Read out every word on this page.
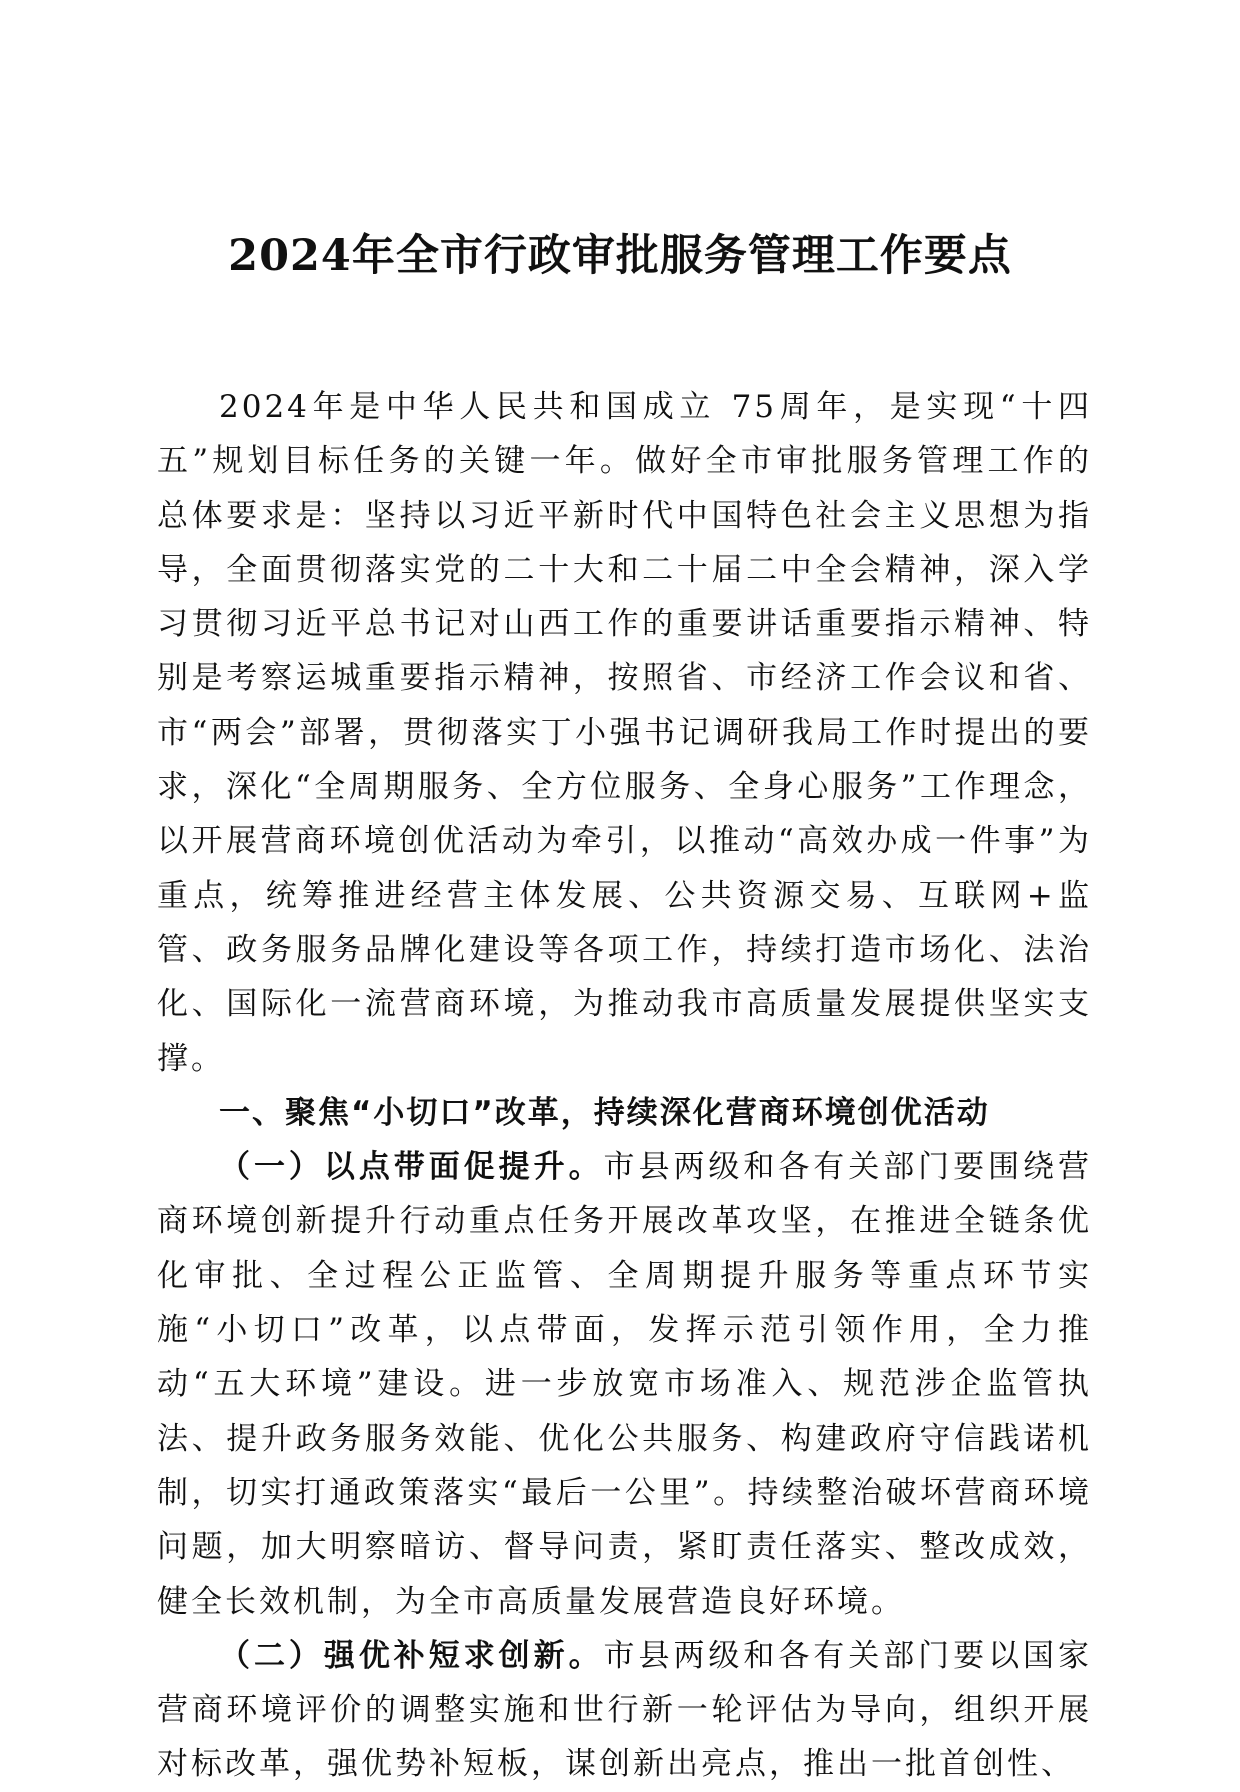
2024年全市行政审批服务管理工作要点

2024年是中华人民共和国成立 75周年，是实现“十四五”规划目标任务的关键一年。做好全市审批服务管理工作的总体要求是：坚持以习近平新时代中国特色社会主义思想为指导，全面贯彻落实党的二十大和二十届二中全会精神，深入学习贯彻习近平总书记对山西工作的重要讲话重要指示精神、特别是考察运城重要指示精神，按照省、市经济工作会议和省、市“两会”部署，贯彻落实丁小强书记调研我局工作时提出的要求，深化“全周期服务、全方位服务、全身心服务”工作理念，以开展营商环境创优活动为牵引，以推动“高效办成一件事”为重点，统筹推进经营主体发展、公共资源交易、互联网+监管、政务服务品牌化建设等各项工作，持续打造市场化、法治化、国际化一流营商环境，为推动我市高质量发展提供坚实支撑。

一、聚焦“小切口”改革，持续深化营商环境创优活动

（一）以点带面促提升。市县两级和各有关部门要围绕营商环境创新提升行动重点任务开展改革攻坚，在推进全链条优化审批、全过程公正监管、全周期提升服务等重点环节实施“小切口”改革，以点带面，发挥示范引领作用，全力推动“五大环境”建设。进一步放宽市场准入、规范涉企监管执法、提升政务服务效能、优化公共服务、构建政府守信践诺机制，切实打通政策落实“最后一公里”。持续整治破坏营商环境问题，加大明察暗访、督导问责，紧盯责任落实、整改成效，健全长效机制，为全市高质量发展营造良好环境。

（二）强优补短求创新。市县两级和各有关部门要以国家营商环境评价的调整实施和世行新一轮评估为导向，组织开展对标改革，强优势补短板，谋创新出亮点，推出一批首创性、
